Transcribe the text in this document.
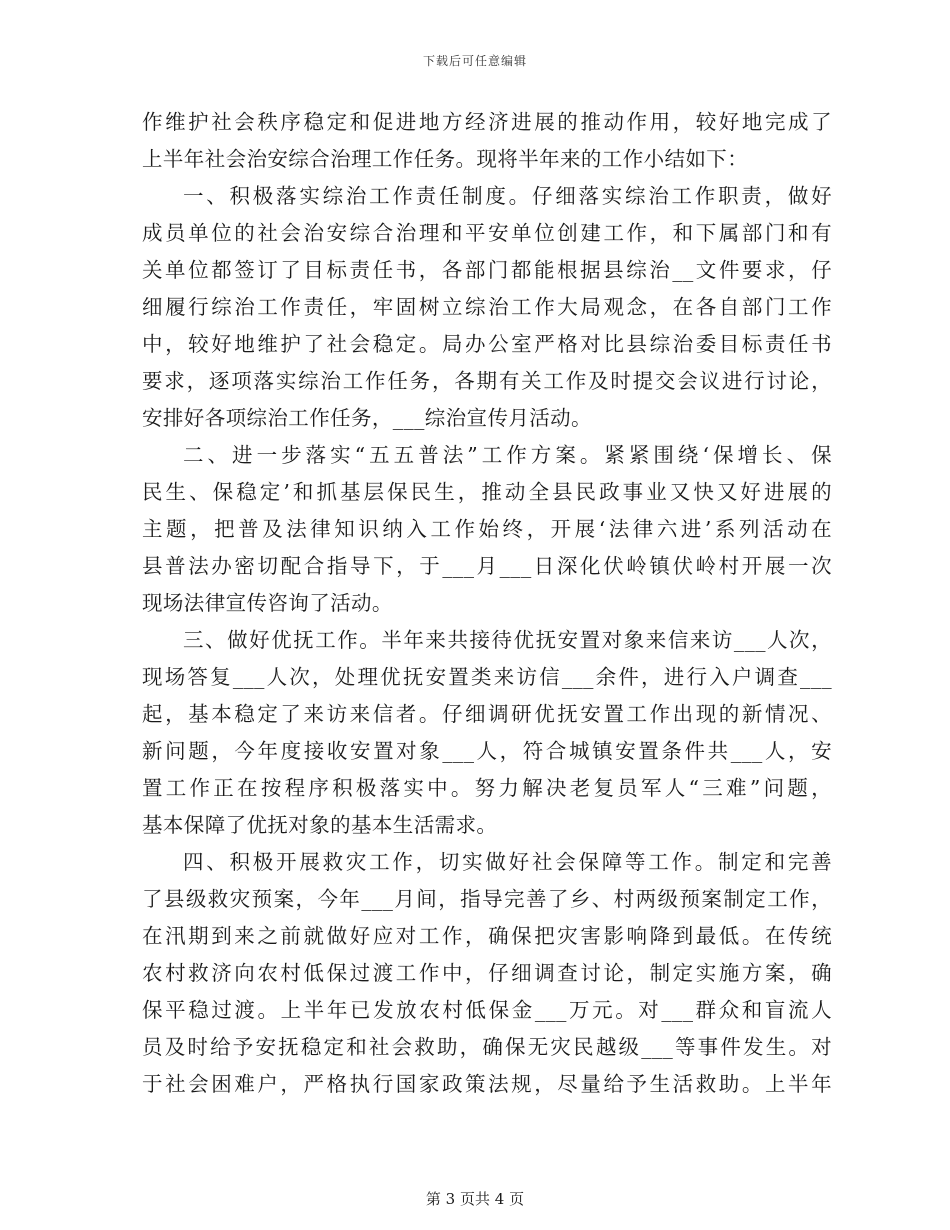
下载后可任意编辑
作维护社会秩序稳定和促进地方经济进展的推动作用，较好地完成了
上半年社会治安综合治理工作任务。现将半年来的工作小结如下：
一、积极落实综治工作责任制度。仔细落实综治工作职责，做好
成员单位的社会治安综合治理和平安单位创建工作，和下属部门和有
关单位都签订了目标责任书，各部门都能根据县综治__文件要求，仔
细履行综治工作责任，牢固树立综治工作大局观念，在各自部门工作
中，较好地维护了社会稳定。局办公室严格对比县综治委目标责任书
要求，逐项落实综治工作任务，各期有关工作及时提交会议进行讨论，
安排好各项综治工作任务，___综治宣传月活动。
二、进一步落实“五五普法”工作方案。紧紧围绕‘保增长、保
民生、保稳定’和抓基层保民生，推动全县民政事业又快又好进展的
主题，把普及法律知识纳入工作始终，开展‘法律六进’系列活动在
县普法办密切配合指导下，于___月___日深化伏岭镇伏岭村开展一次
现场法律宣传咨询了活动。
三、做好优抚工作。半年来共接待优抚安置对象来信来访___人次，
现场答复___人次，处理优抚安置类来访信___余件，进行入户调查___
起，基本稳定了来访来信者。仔细调研优抚安置工作出现的新情况、
新问题，今年度接收安置对象___人，符合城镇安置条件共___人，安
置工作正在按程序积极落实中。努力解决老复员军人“三难”问题，
基本保障了优抚对象的基本生活需求。
四、积极开展救灾工作，切实做好社会保障等工作。制定和完善
了县级救灾预案，今年___月间，指导完善了乡、村两级预案制定工作，
在汛期到来之前就做好应对工作，确保把灾害影响降到最低。在传统
农村救济向农村低保过渡工作中，仔细调查讨论，制定实施方案，确
保平稳过渡。上半年已发放农村低保金___万元。对___群众和盲流人
员及时给予安抚稳定和社会救助，确保无灾民越级___等事件发生。对
于社会困难户，严格执行国家政策法规，尽量给予生活救助。上半年
第 3 页共 4 页
